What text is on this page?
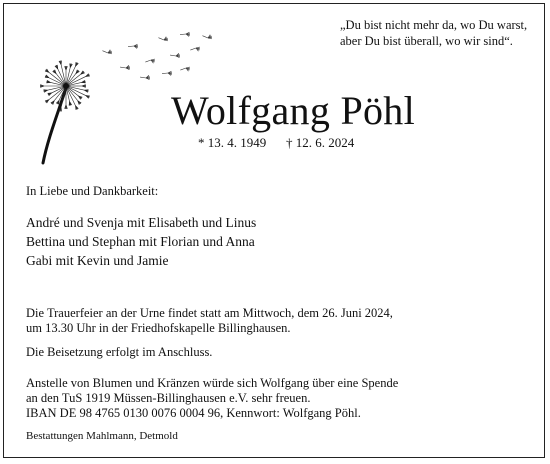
„Du bist nicht mehr da, wo Du warst,
aber Du bist überall, wo wir sind“.
Wolfgang Pöhl
* 13. 4. 1949 † 12. 6. 2024
In Liebe und Dankbarkeit:
André und Svenja mit Elisabeth und Linus
Bettina und Stephan mit Florian und Anna
Gabi mit Kevin und Jamie
Die Trauerfeier an der Urne findet statt am Mittwoch, dem 26. Juni 2024,
um 13.30 Uhr in der Friedhofskapelle Billinghausen.
Die Beisetzung erfolgt im Anschluss.
Anstelle von Blumen und Kränzen würde sich Wolfgang über eine Spende
an den TuS 1919 Müssen-Billinghausen e.V. sehr freuen.
IBAN DE 98 4765 0130 0076 0004 96, Kennwort: Wolfgang Pöhl.
Bestattungen Mahlmann, Detmold
